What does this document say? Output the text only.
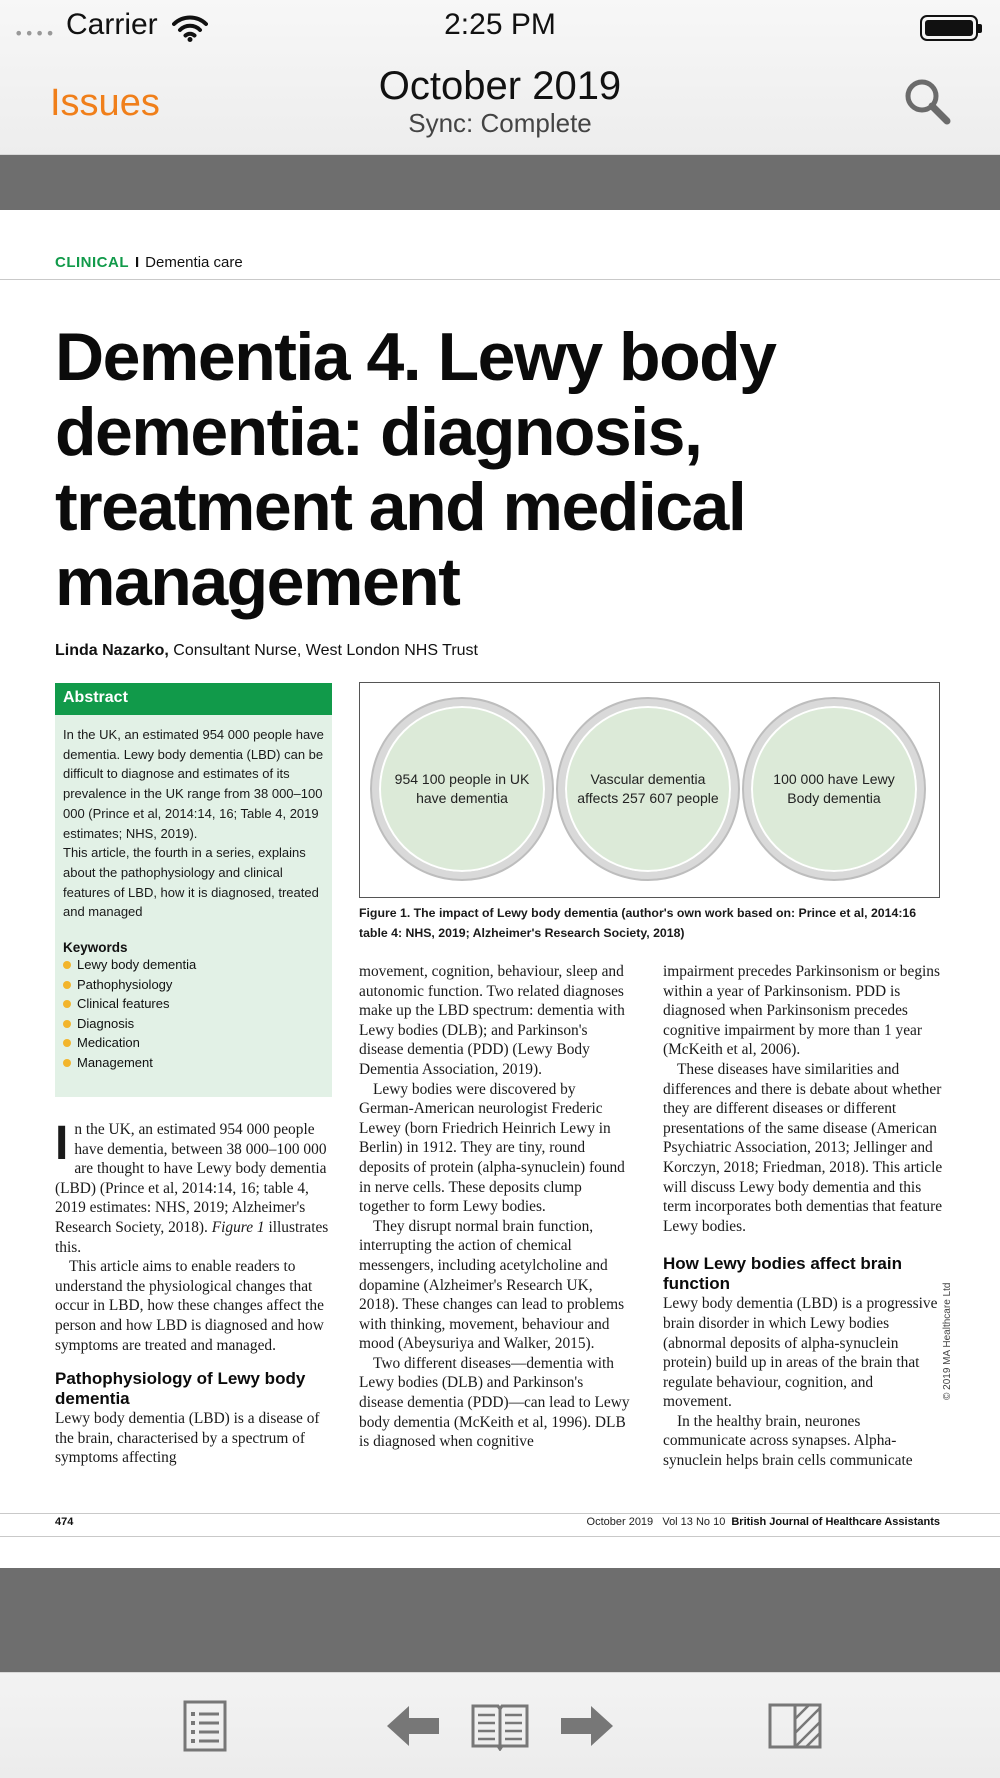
•••• Carrier	2:25 PM
Issues	October 2019
Sync: Complete
CLINICAL I Dementia care
Dementia 4. Lewy body dementia: diagnosis, treatment and medical management
Linda Nazarko, Consultant Nurse, West London NHS Trust
Abstract

In the UK, an estimated 954 000 people have dementia. Lewy body dementia (LBD) can be difficult to diagnose and estimates of its prevalence in the UK range from 38 000–100 000 (Prince et al, 2014:14, 16; Table 4, 2019 estimates; NHS, 2019).

This article, the fourth in a series, explains about the pathophysiology and clinical features of LBD, how it is diagnosed, treated and managed

Keywords
Lewy body dementia
Pathophysiology
Clinical features
Diagnosis
Medication
Management
954 100 people in UK have dementia
Vascular dementia affects 257 607 people
100 000 have Lewy Body dementia
Figure 1. The impact of Lewy body dementia (author's own work based on: Prince et al, 2014:16 table 4: NHS, 2019; Alzheimer's Research Society, 2018)

In the UK, an estimated 954 000 people have dementia, between 38 000–100 000 are thought to have Lewy body dementia (LBD) (Prince et al, 2014:14, 16; table 4, 2019 estimates: NHS, 2019; Alzheimer's Research Society, 2018). Figure 1 illustrates this.

This article aims to enable readers to understand the physiological changes that occur in LBD, how these changes affect the person and how LBD is diagnosed and how symptoms are treated and managed.

Pathophysiology of Lewy body dementia

Lewy body dementia (LBD) is a disease of the brain, characterised by a spectrum of symptoms affecting

movement, cognition, behaviour, sleep and autonomic function. Two related diagnoses make up the LBD spectrum: dementia with Lewy bodies (DLB); and Parkinson's disease dementia (PDD) (Lewy Body Dementia Association, 2019).

Lewy bodies were discovered by German-American neurologist Frederic Lewey (born Friedrich Heinrich Lewy in Berlin) in 1912. They are tiny, round deposits of protein (alpha-synuclein) found in nerve cells. These deposits clump together to form Lewy bodies.

They disrupt normal brain function, interrupting the action of chemical messengers, including acetylcholine and dopamine (Alzheimer's Research UK, 2018). These changes can lead to problems with thinking, movement, behaviour and mood (Abeysuriya and Walker, 2015).

Two different diseases—dementia with Lewy bodies (DLB) and Parkinson's disease dementia (PDD)—can lead to Lewy body dementia (McKeith et al, 1996). DLB is diagnosed when cognitive

impairment precedes Parkinsonism or begins within a year of Parkinsonism. PDD is diagnosed when Parkinsonism precedes cognitive impairment by more than 1 year (McKeith et al, 2006).

These diseases have similarities and differences and there is debate about whether they are different diseases or different presentations of the same disease (American Psychiatric Association, 2013; Jellinger and Korczyn, 2018; Friedman, 2018). This article will discuss Lewy body dementia and this term incorporates both dementias that feature Lewy bodies.

How Lewy bodies affect brain function

Lewy body dementia (LBD) is a progressive brain disorder in which Lewy bodies (abnormal deposits of alpha-synuclein protein) build up in areas of the brain that regulate behaviour, cognition, and movement.

In the healthy brain, neurones communicate across synapses. Alpha-synuclein helps brain cells communicate

© 2019 MA Healthcare Ltd
474	October 2019   Vol 13 No 10 British Journal of Healthcare Assistants
